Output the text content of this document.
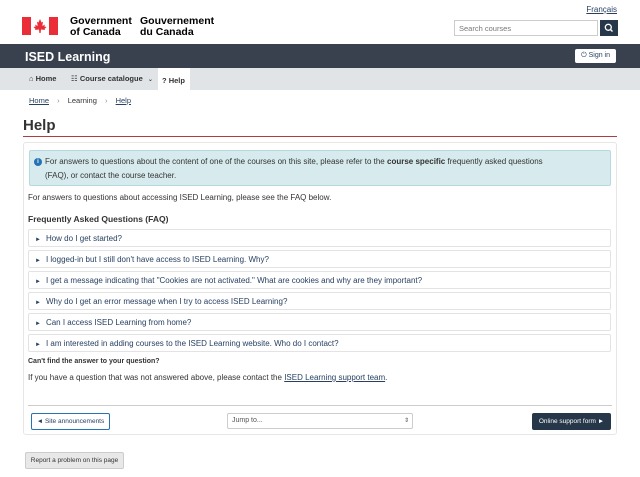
Government
of Canada
Gouvernement
du Canada
Français
Search courses
ISED Learning	⏻ Sign in
⌂ Home	☷ Course catalogue ⌄	? Help
Home › Learning › Help
Help
i For answers to questions about the content of one of the courses on this site, please refer to the course specific frequently asked questions
(FAQ), or contact the course teacher.
For answers to questions about accessing ISED Learning, please see the FAQ below.
Frequently Asked Questions (FAQ)
► How do I get started?
► I logged-in but I still don't have access to ISED Learning. Why?
► I get a message indicating that "Cookies are not activated." What are cookies and why are they important?
► Why do I get an error message when I try to access ISED Learning?
► Can I access ISED Learning from home?
► I am interested in adding courses to the ISED Learning website. Who do I contact?
Can't find the answer to your question?
If you have a question that was not answered above, please contact the ISED Learning support team.
◄ Site announcements	Jump to...	⇕	Online support form ►
Report a problem on this page
